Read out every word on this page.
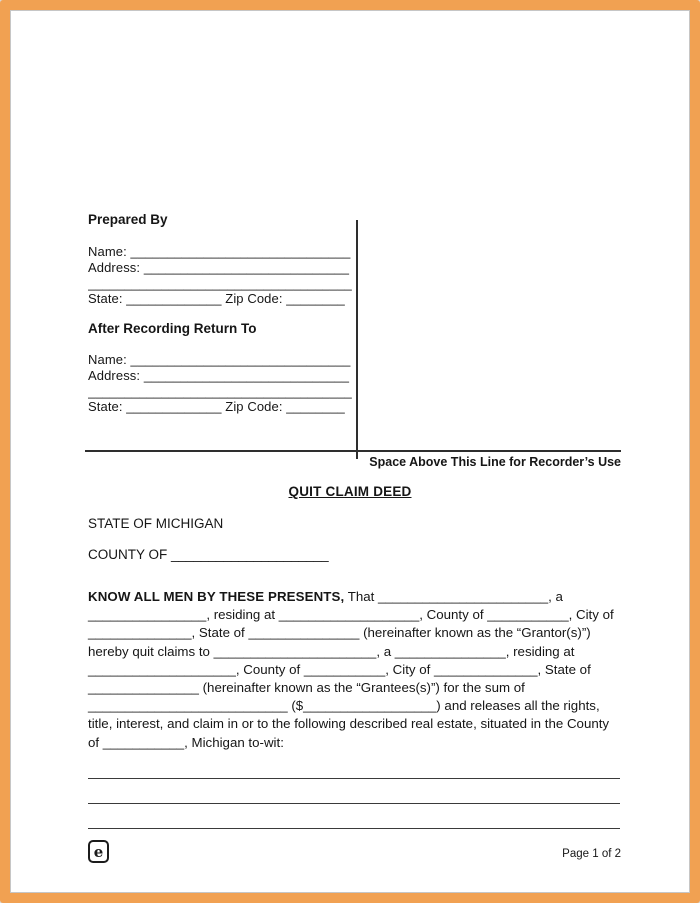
Prepared By
Name: ______________________________
Address: ____________________________
____________________________________
State: _____________ Zip Code: ________
After Recording Return To
Name: ______________________________
Address: ____________________________
____________________________________
State: _____________ Zip Code: ________
Space Above This Line for Recorder’s Use
QUIT CLAIM DEED
STATE OF MICHIGAN
COUNTY OF _____________________
KNOW ALL MEN BY THESE PRESENTS, That _______________________, a ________________, residing at ___________________, County of ___________, City of ______________, State of _______________ (hereinafter known as the “Grantor(s)”) hereby quit claims to ______________________, a _______________, residing at ____________________, County of ___________, City of ______________, State of _______________ (hereinafter known as the “Grantees(s)”) for the sum of ___________________________ ($__________________) and releases all the rights, title, interest, and claim in or to the following described real estate, situated in the County of ___________, Michigan to-wit:
e	Page 1 of 2
